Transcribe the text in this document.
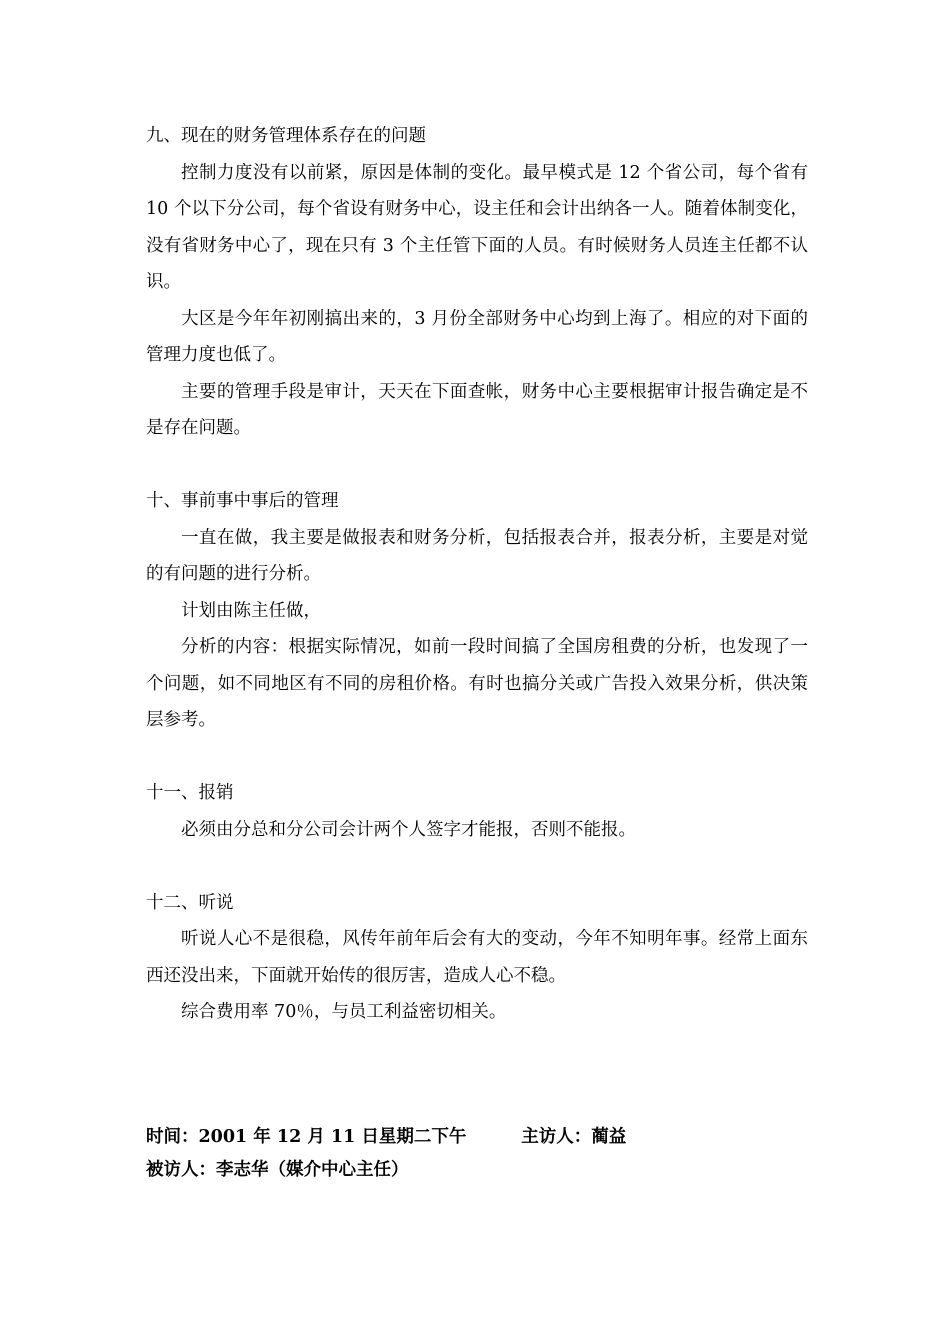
九、现在的财务管理体系存在的问题

控制力度没有以前紧，原因是体制的变化。最早模式是 12 个省公司，每个省有 10 个以下分公司，每个省设有财务中心，设主任和会计出纳各一人。随着体制变化，没有省财务中心了，现在只有 3 个主任管下面的人员。有时候财务人员连主任都不认识。

大区是今年年初刚搞出来的，3 月份全部财务中心均到上海了。相应的对下面的管理力度也低了。

主要的管理手段是审计，天天在下面查帐，财务中心主要根据审计报告确定是不是存在问题。

十、事前事中事后的管理

一直在做，我主要是做报表和财务分析，包括报表合并，报表分析，主要是对觉的有问题的进行分析。

计划由陈主任做，

分析的内容：根据实际情况，如前一段时间搞了全国房租费的分析，也发现了一个问题，如不同地区有不同的房租价格。有时也搞分关或广告投入效果分析，供决策层参考。

十一、报销

必须由分总和分公司会计两个人签字才能报，否则不能报。

十二、听说

听说人心不是很稳，风传年前年后会有大的变动，今年不知明年事。经常上面东西还没出来，下面就开始传的很厉害，造成人心不稳。

综合费用率 70％，与员工利益密切相关。

时间：2001 年 12 月 11 日星期二下午         主访人：蔺益

被访人：李志华（媒介中心主任）
